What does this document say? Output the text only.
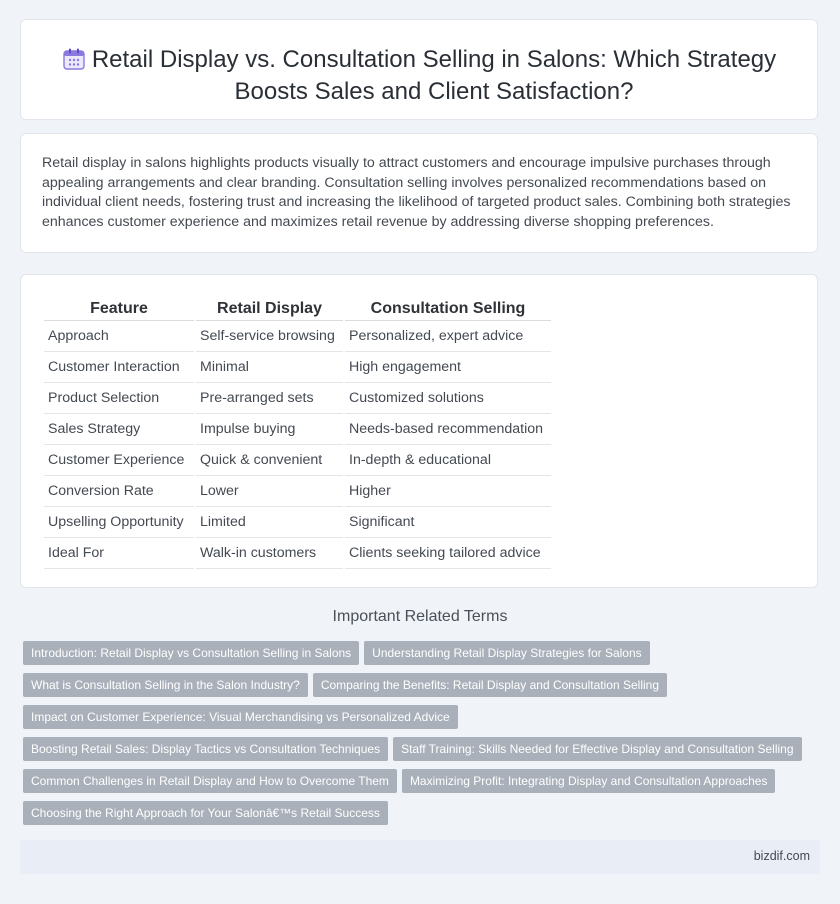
Retail Display vs. Consultation Selling in Salons: Which Strategy Boosts Sales and Client Satisfaction?

Retail display in salons highlights products visually to attract customers and encourage impulsive purchases through appealing arrangements and clear branding. Consultation selling involves personalized recommendations based on individual client needs, fostering trust and increasing the likelihood of targeted product sales. Combining both strategies enhances customer experience and maximizes retail revenue by addressing diverse shopping preferences.

Feature	Retail Display	Consultation Selling
Approach	Self-service browsing	Personalized, expert advice
Customer Interaction	Minimal	High engagement
Product Selection	Pre-arranged sets	Customized solutions
Sales Strategy	Impulse buying	Needs-based recommendation
Customer Experience	Quick & convenient	In-depth & educational
Conversion Rate	Lower	Higher
Upselling Opportunity	Limited	Significant
Ideal For	Walk-in customers	Clients seeking tailored advice
Important Related Terms
Introduction: Retail Display vs Consultation Selling in Salons Understanding Retail Display Strategies for Salons
What is Consultation Selling in the Salon Industry? Comparing the Benefits: Retail Display and Consultation Selling
Impact on Customer Experience: Visual Merchandising vs Personalized Advice
Boosting Retail Sales: Display Tactics vs Consultation Techniques Staff Training: Skills Needed for Effective Display and Consultation Selling
Common Challenges in Retail Display and How to Overcome Them Maximizing Profit: Integrating Display and Consultation Approaches
Choosing the Right Approach for Your Salonâ€™s Retail Success
bizdif.com
